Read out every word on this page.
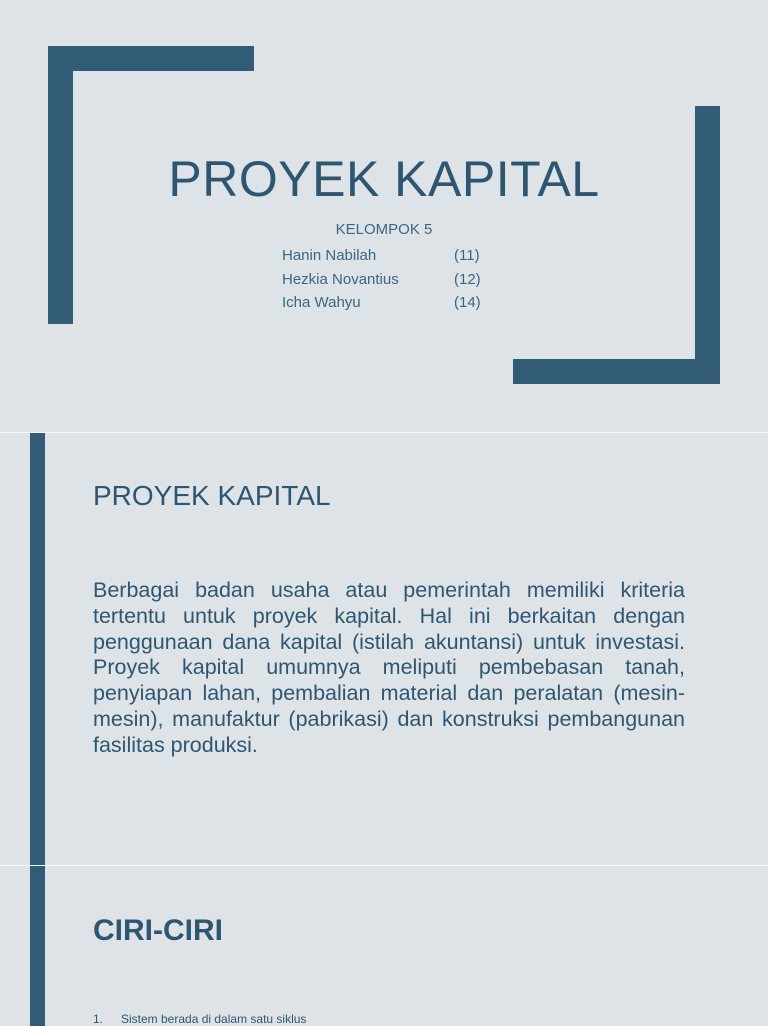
PROYEK KAPITAL
KELOMPOK 5
Hanin Nabilah	(11)
Hezkia Novantius	(12)
Icha Wahyu	(14)
PROYEK KAPITAL
Berbagai badan usaha atau pemerintah memiliki kriteria tertentu untuk proyek kapital. Hal ini berkaitan dengan penggunaan dana kapital (istilah akuntansi) untuk investasi. Proyek kapital umumnya meliputi pembebasan tanah, penyiapan lahan, pembalian material dan peralatan (mesin-mesin), manufaktur (pabrikasi) dan konstruksi pembangunan fasilitas produksi.
CIRI-CIRI
1. Sistem berada di dalam satu siklus
